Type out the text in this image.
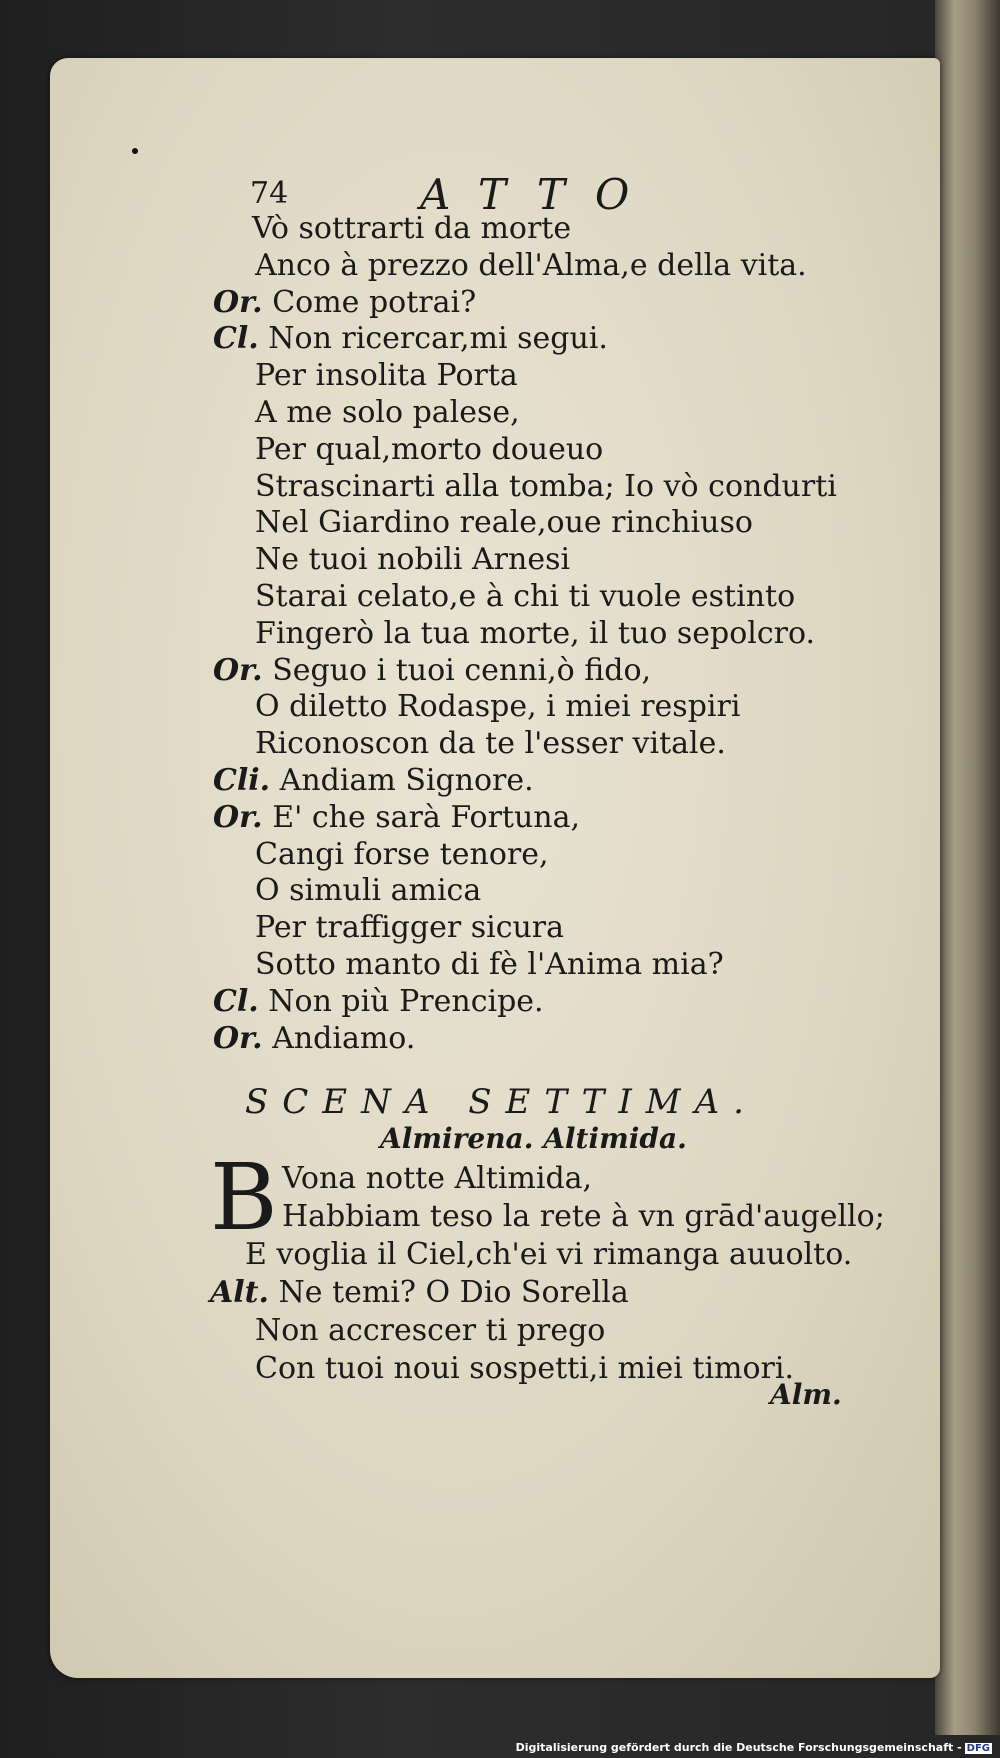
74	ATTO
Vò sottrarti da morte
Anco à prezzo dell'Alma,e della vita.
Or. Come potrai?
Cl. Non ricercar,mi segui.
Per insolita Porta
A me solo palese,
Per qual,morto doueuo
Strascinarti alla tomba; Io vò condurti
Nel Giardino reale,oue rinchiuso
Ne tuoi nobili Arnesi
Starai celato,e à chi ti vuole estinto
Fingerò la tua morte, il tuo sepolcro.
Or. Seguo i tuoi cenni,ò fido,
O diletto Rodaspe, i miei respiri
Riconoscon da te l'esser vitale.
Cli. Andiam Signore.
Or. E' che sarà Fortuna,
Cangi forse tenore,
O simuli amica
Per traffigger sicura
Sotto manto di fè l'Anima mia?
Cl. Non più Prencipe.
Or. Andiamo.
SCENA SETTIMA.
Almirena. Altimida.
B Vona notte Altimida,
Habbiam teso la rete à vn grād'augello;
E voglia il Ciel,ch'ei vi rimanga auuolto.
Alt. Ne temi? O Dio Sorella
Non accrescer ti prego
Con tuoi noui sospetti,i miei timori.
Alm.
Digitalisierung gefördert durch die Deutsche Forschungsgemeinschaft - DFG
